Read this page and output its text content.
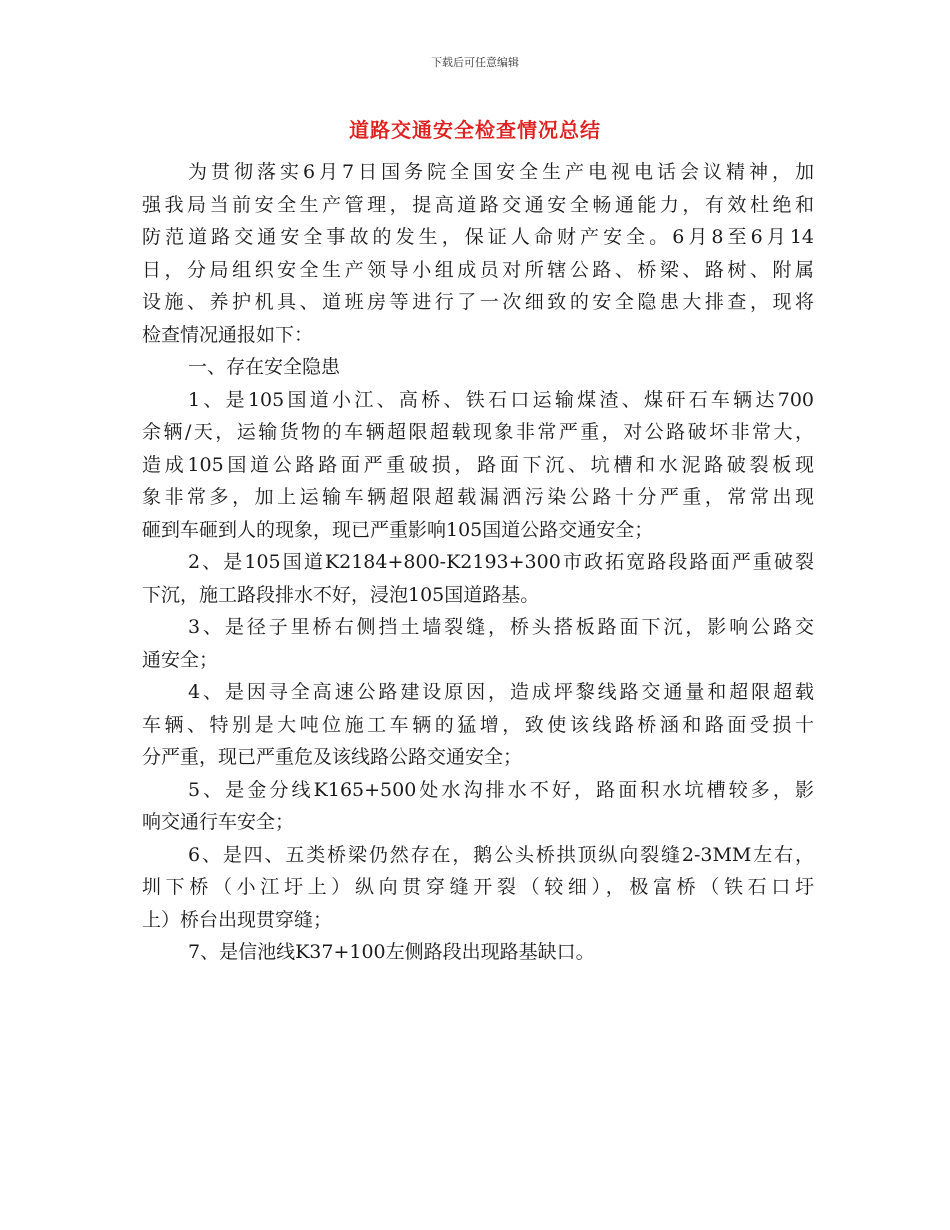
下载后可任意编辑
道路交通安全检查情况总结
为贯彻落实6月7日国务院全国安全生产电视电话会议精神，加
强我局当前安全生产管理，提高道路交通安全畅通能力，有效杜绝和
防范道路交通安全事故的发生，保证人命财产安全。6月8至6月14
日，分局组织安全生产领导小组成员对所辖公路、桥梁、路树、附属
设施、养护机具、道班房等进行了一次细致的安全隐患大排查，现将
检查情况通报如下：
一、存在安全隐患
1、是105国道小江、高桥、铁石口运输煤渣、煤矸石车辆达700
余辆/天，运输货物的车辆超限超载现象非常严重，对公路破坏非常大，
造成105国道公路路面严重破损，路面下沉、坑槽和水泥路破裂板现
象非常多，加上运输车辆超限超载漏洒污染公路十分严重，常常出现
砸到车砸到人的现象，现已严重影响105国道公路交通安全；
2、是105国道K2184+800-K2193+300市政拓宽路段路面严重破裂
下沉，施工路段排水不好，浸泡105国道路基。
3、是径子里桥右侧挡土墙裂缝，桥头搭板路面下沉，影响公路交
通安全；
4、是因寻全高速公路建设原因，造成坪黎线路交通量和超限超载
车辆、特别是大吨位施工车辆的猛增，致使该线路桥涵和路面受损十
分严重，现已严重危及该线路公路交通安全；
5、是金分线K165+500处水沟排水不好，路面积水坑槽较多，影
响交通行车安全；
6、是四、五类桥梁仍然存在，鹅公头桥拱顶纵向裂缝2-3MM左右，
圳下桥（小江圩上）纵向贯穿缝开裂（较细），极富桥（铁石口圩
上）桥台出现贯穿缝；
7、是信池线K37+100左侧路段出现路基缺口。
